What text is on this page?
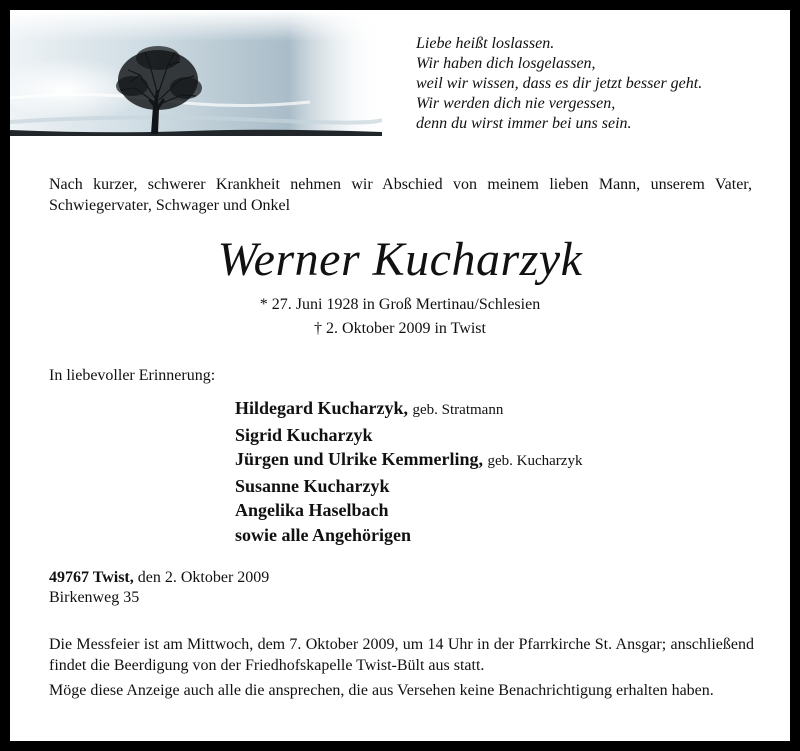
Liebe heißt loslassen.
Wir haben dich losgelassen,
weil wir wissen, dass es dir jetzt besser geht.
Wir werden dich nie vergessen,
denn du wirst immer bei uns sein.
Nach kurzer, schwerer Krankheit nehmen wir Abschied von meinem lieben Mann, unserem Vater, Schwiegervater, Schwager und Onkel
Werner Kucharzyk
* 27. Juni 1928 in Groß Mertinau/Schlesien
† 2. Oktober 2009 in Twist
In liebevoller Erinnerung:
Hildegard Kucharzyk, geb. Stratmann
Sigrid Kucharzyk
Jürgen und Ulrike Kemmerling, geb. Kucharzyk
Susanne Kucharzyk
Angelika Haselbach
sowie alle Angehörigen
49767 Twist, den 2. Oktober 2009
Birkenweg 35
Die Messfeier ist am Mittwoch, dem 7. Oktober 2009, um 14 Uhr in der Pfarrkirche St. Ansgar; anschließend findet die Beerdigung von der Friedhofskapelle Twist-Bült aus statt.
Möge diese Anzeige auch alle die ansprechen, die aus Versehen keine Benachrichtigung erhalten haben.
